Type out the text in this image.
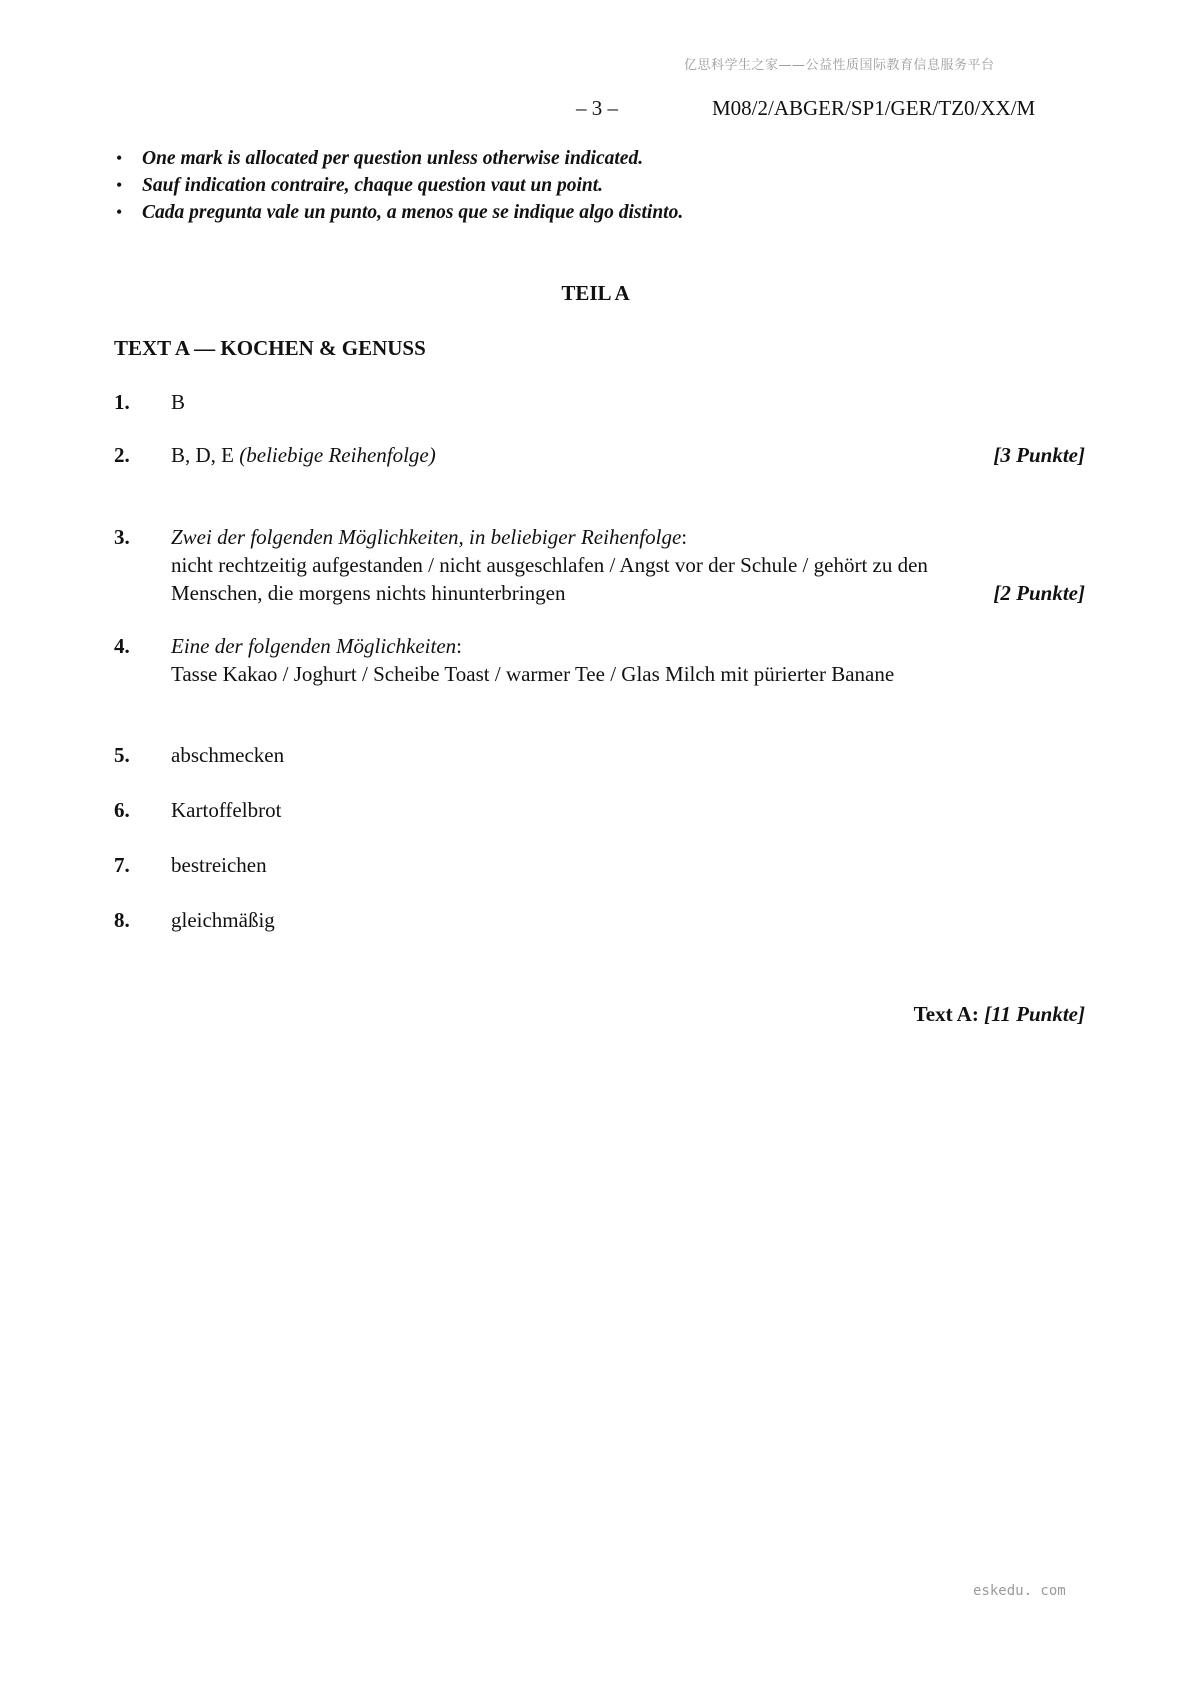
亿思科学生之家——公益性质国际教育信息服务平台
– 3 –	M08/2/ABGER/SP1/GER/TZ0/XX/M
• One mark is allocated per question unless otherwise indicated.
• Sauf indication contraire, chaque question vaut un point.
• Cada pregunta vale un punto, a menos que se indique algo distinto.
TEIL A
TEXT A — KOCHEN & GENUSS
1. B
2. B, D, E (beliebige Reihenfolge)	[3 Punkte]
3. Zwei der folgenden Möglichkeiten, in beliebiger Reihenfolge:
nicht rechtzeitig aufgestanden / nicht ausgeschlafen / Angst vor der Schule / gehört zu den
Menschen, die morgens nichts hinunterbringen	[2 Punkte]
4. Eine der folgenden Möglichkeiten:
Tasse Kakao / Joghurt / Scheibe Toast / warmer Tee / Glas Milch mit pürierter Banane
5. abschmecken
6. Kartoffelbrot
7. bestreichen
8. gleichmäßig
Text A: [11 Punkte]
eskedu. com
